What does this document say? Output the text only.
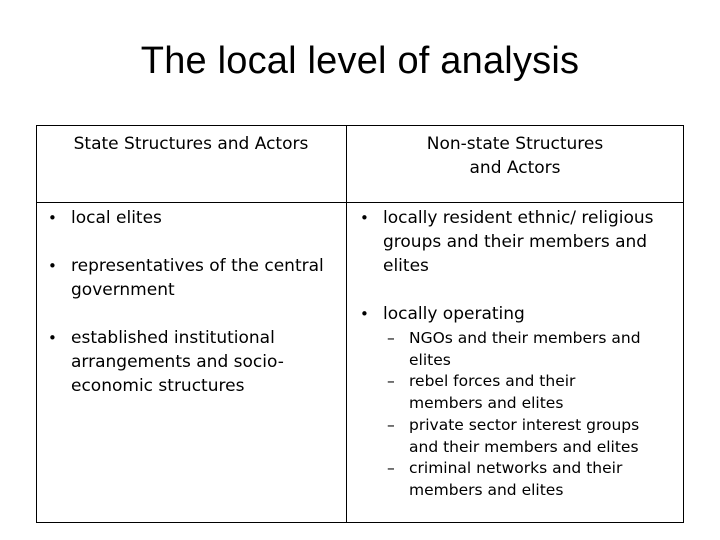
The local level of analysis
State Structures and Actors	Non-state Structures
and Actors
• local elites
• representatives of the central government
• established institutional arrangements and socio-economic structures
• locally resident ethnic/ religious groups and their members and elites
• locally operating
– NGOs and their members and elites
– rebel forces and their members and elites
– private sector interest groups and their members and elites
– criminal networks and their members and elites
